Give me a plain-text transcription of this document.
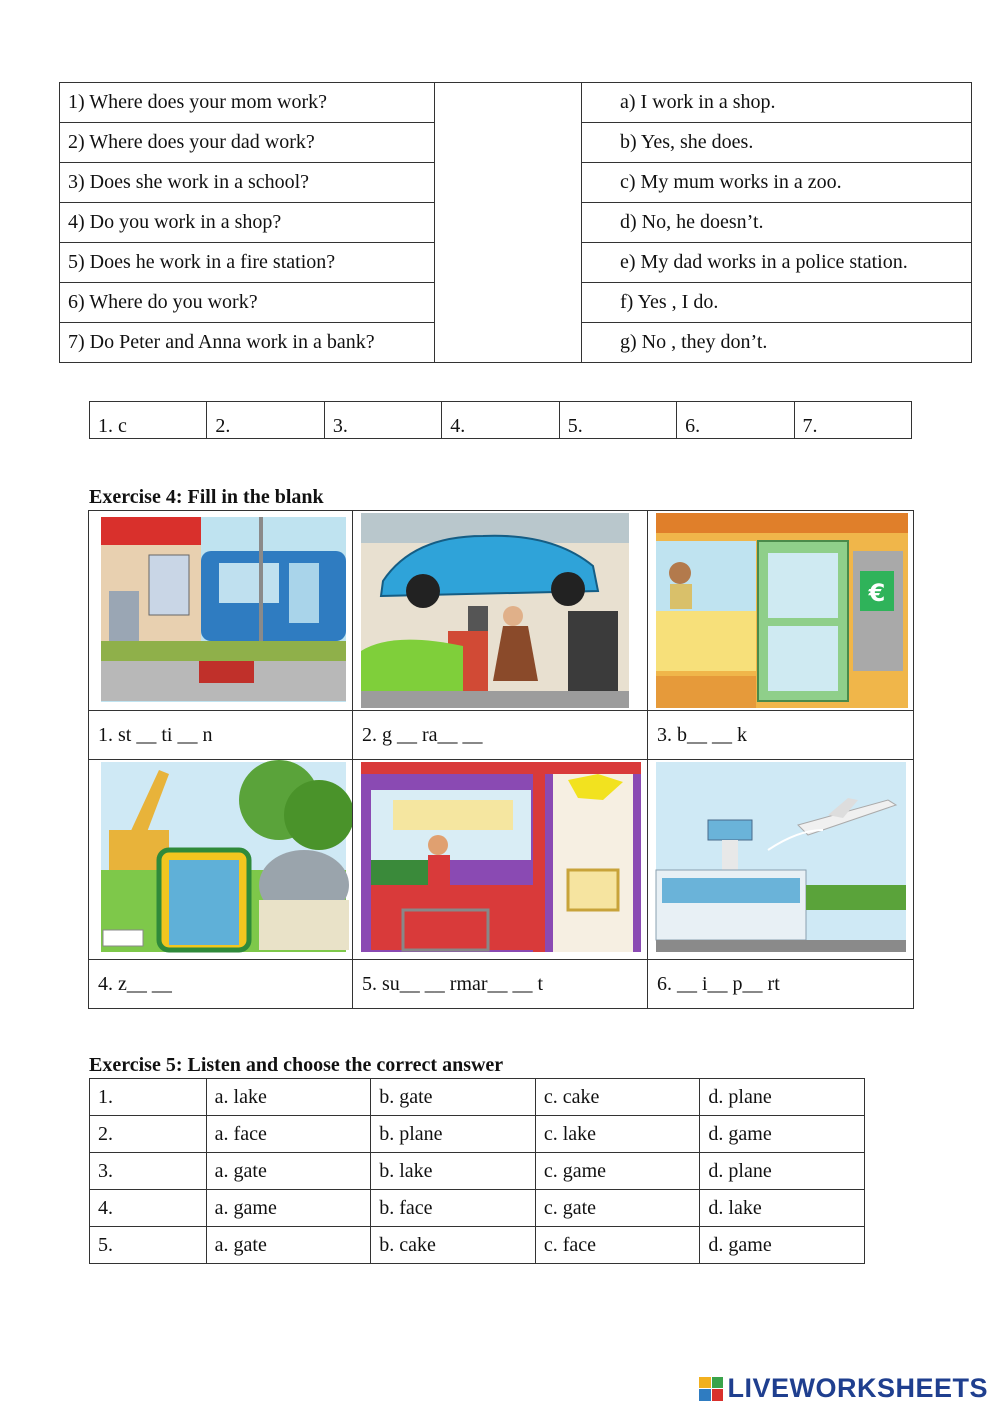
1) Where does your mom work?		a) I work in a shop.
2) Where does your dad work?		b) Yes, she does.
3) Does she work in a school?		c) My mum works in a zoo.
4) Do you work in a shop?		d) No, he doesn’t.
5) Does he work in a fire station?		e) My dad works in a police station.
6) Where do you work?		f) Yes , I do.
7) Do Peter and Anna work in a bank?		g) No , they don’t.
1. c	2.	3.	4.	5.	6.	7.
Exercise 4: Fill in the blank

€

1. st __ ti __ n	2. g __ ra__ __	3. b__ __ k

4. z__ __	5. su__ __ rmar__ __ t	6. __ i__ p__ rt
Exercise 5: Listen and choose the correct answer
1.	a. lake	b. gate	c. cake	d. plane
2.	a. face	b. plane	c. lake	d. game
3.	a. gate	b. lake	c. game	d. plane
4.	a. game	b. face	c. gate	d. lake
5.	a. gate	b. cake	c. face	d. game
LIVEWORKSHEETS
